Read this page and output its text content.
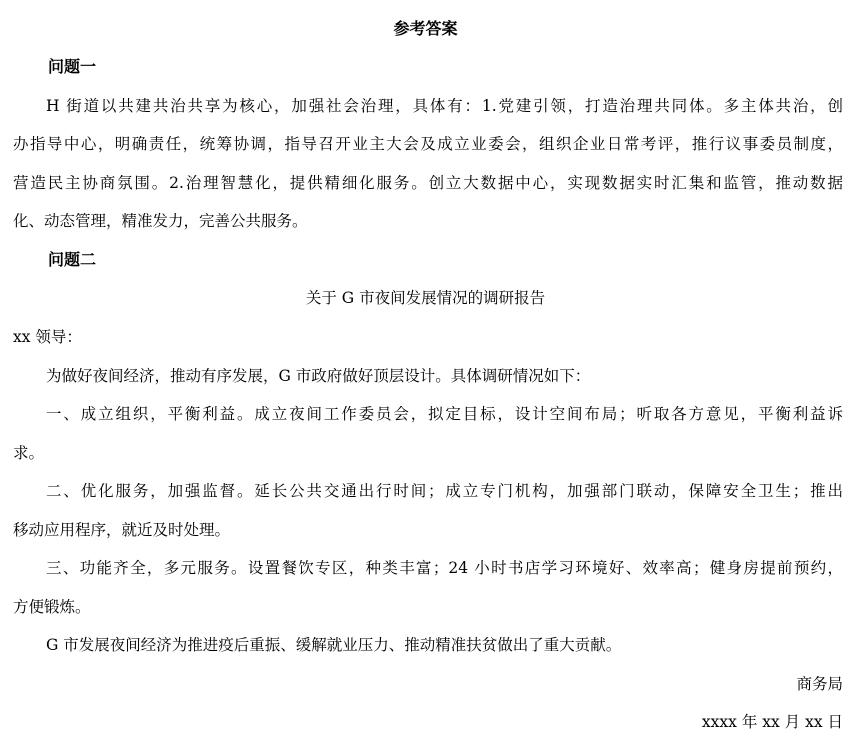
参考答案
问题一
H 街道以共建共治共享为核心，加强社会治理，具体有：1.党建引领，打造治理共同体。多主体共治，创
办指导中心，明确责任，统筹协调，指导召开业主大会及成立业委会，组织企业日常考评，推行议事委员制度，
营造民主协商氛围。2.治理智慧化，提供精细化服务。创立大数据中心，实现数据实时汇集和监管，推动数据
化、动态管理，精准发力，完善公共服务。
问题二
关于 G 市夜间发展情况的调研报告
xx 领导：
为做好夜间经济，推动有序发展，G 市政府做好顶层设计。具体调研情况如下：
一、成立组织，平衡利益。成立夜间工作委员会，拟定目标，设计空间布局；听取各方意见，平衡利益诉
求。
二、优化服务，加强监督。延长公共交通出行时间；成立专门机构，加强部门联动，保障安全卫生；推出
移动应用程序，就近及时处理。
三、功能齐全，多元服务。设置餐饮专区，种类丰富；24 小时书店学习环境好、效率高；健身房提前预约，
方便锻炼。
G 市发展夜间经济为推进疫后重振、缓解就业压力、推动精准扶贫做出了重大贡献。
商务局
xxxx 年 xx 月 xx 日
